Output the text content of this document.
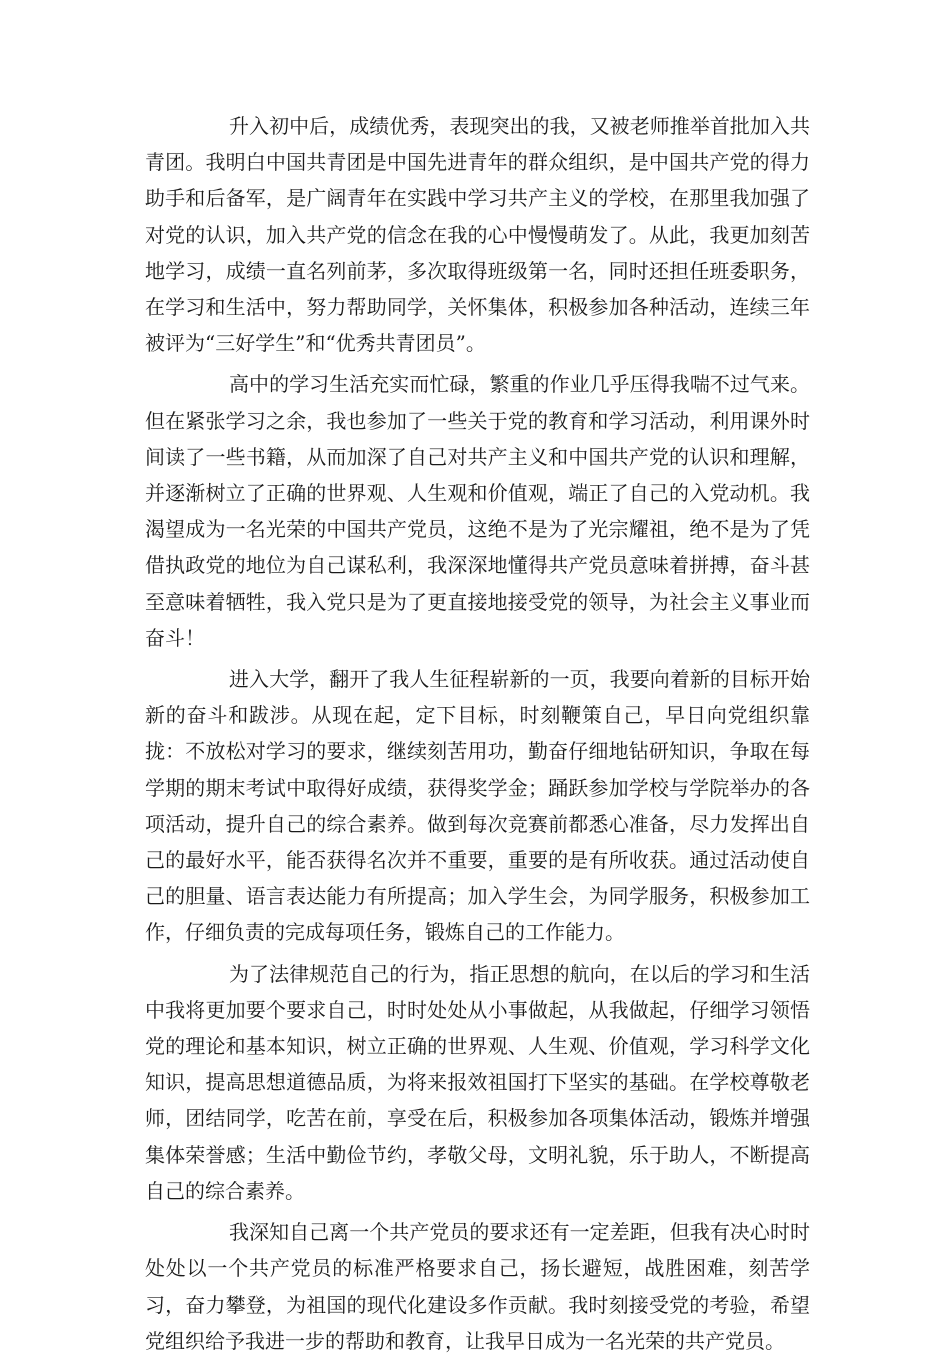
升入初中后，成绩优秀，表现突出的我，又被老师推举首批加入共青团。我明白中国共青团是中国先进青年的群众组织，是中国共产党的得力助手和后备军，是广阔青年在实践中学习共产主义的学校，在那里我加强了对党的认识，加入共产党的信念在我的心中慢慢萌发了。从此，我更加刻苦地学习，成绩一直名列前茅，多次取得班级第一名，同时还担任班委职务，在学习和生活中，努力帮助同学，关怀集体，积极参加各种活动，连续三年被评为“三好学生”和“优秀共青团员”。

高中的学习生活充实而忙碌，繁重的作业几乎压得我喘不过气来。但在紧张学习之余，我也参加了一些关于党的教育和学习活动，利用课外时间读了一些书籍，从而加深了自己对共产主义和中国共产党的认识和理解，并逐渐树立了正确的世界观、人生观和价值观，端正了自己的入党动机。我渴望成为一名光荣的中国共产党员，这绝不是为了光宗耀祖，绝不是为了凭借执政党的地位为自己谋私利，我深深地懂得共产党员意味着拼搏，奋斗甚至意味着牺牲，我入党只是为了更直接地接受党的领导，为社会主义事业而奋斗！

进入大学，翻开了我人生征程崭新的一页，我要向着新的目标开始新的奋斗和跋涉。从现在起，定下目标，时刻鞭策自己，早日向党组织靠拢：不放松对学习的要求，继续刻苦用功，勤奋仔细地钻研知识，争取在每学期的期末考试中取得好成绩，获得奖学金；踊跃参加学校与学院举办的各项活动，提升自己的综合素养。做到每次竞赛前都悉心准备，尽力发挥出自己的最好水平，能否获得名次并不重要，重要的是有所收获。通过活动使自己的胆量、语言表达能力有所提高；加入学生会，为同学服务，积极参加工作，仔细负责的完成每项任务，锻炼自己的工作能力。

为了法律规范自己的行为，指正思想的航向，在以后的学习和生活中我将更加要个要求自己，时时处处从小事做起，从我做起，仔细学习领悟党的理论和基本知识，树立正确的世界观、人生观、价值观，学习科学文化知识，提高思想道德品质，为将来报效祖国打下坚实的基础。在学校尊敬老师，团结同学，吃苦在前，享受在后，积极参加各项集体活动，锻炼并增强集体荣誉感；生活中勤俭节约，孝敬父母，文明礼貌，乐于助人，不断提高自己的综合素养。

我深知自己离一个共产党员的要求还有一定差距，但我有决心时时处处以一个共产党员的标准严格要求自己，扬长避短，战胜困难，刻苦学习，奋力攀登，为祖国的现代化建设多作贡献。我时刻接受党的考验，希望党组织给予我进一步的帮助和教育，让我早日成为一名光荣的共产党员。
